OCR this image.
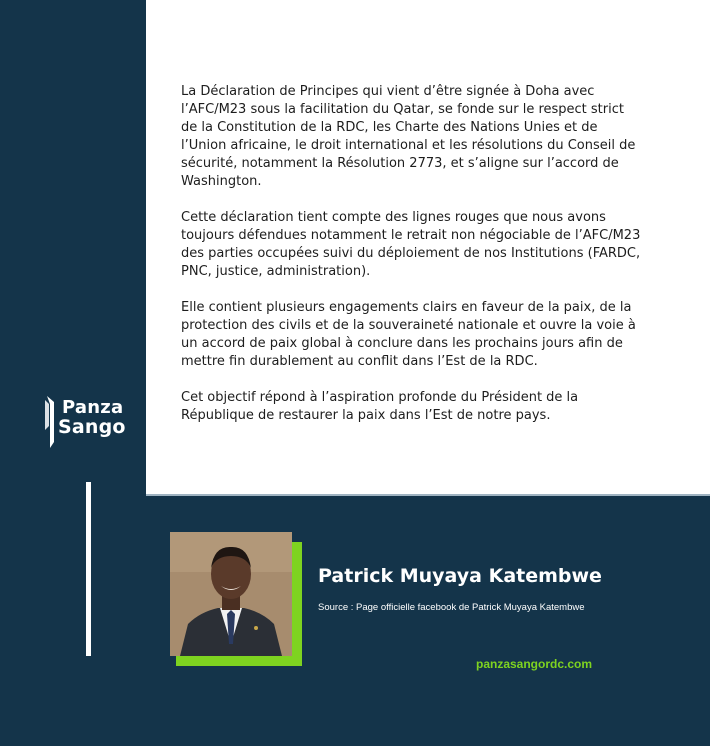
La Déclaration de Principes qui vient d’être signée à Doha avec l’AFC/M23 sous la facilitation du Qatar, se fonde sur le respect strict de la Constitution de la RDC, les Charte des Nations Unies et de l’Union africaine, le droit international et les résolutions du Conseil de sécurité, notamment la Résolution 2773, et s’aligne sur l’accord de Washington.

Cette déclaration tient compte des lignes rouges que nous avons toujours défendues notamment le retrait non négociable de l’AFC/M23 des parties occupées suivi du déploiement de nos Institutions (FARDC, PNC, justice, administration).

Elle contient plusieurs engagements clairs en faveur de la paix, de la protection des civils et de la souveraineté nationale et ouvre la voie à un accord de paix global à conclure dans les prochains jours afin de mettre fin durablement au conflit dans l’Est de la RDC.

Cet objectif répond à l’aspiration profonde du Président de la République de restaurer la paix dans l’Est de notre pays.

Panza
Sango
Patrick Muyaya Katembwe
Source : Page officielle facebook de Patrick Muyaya Katembwe
panzasangordc.com
